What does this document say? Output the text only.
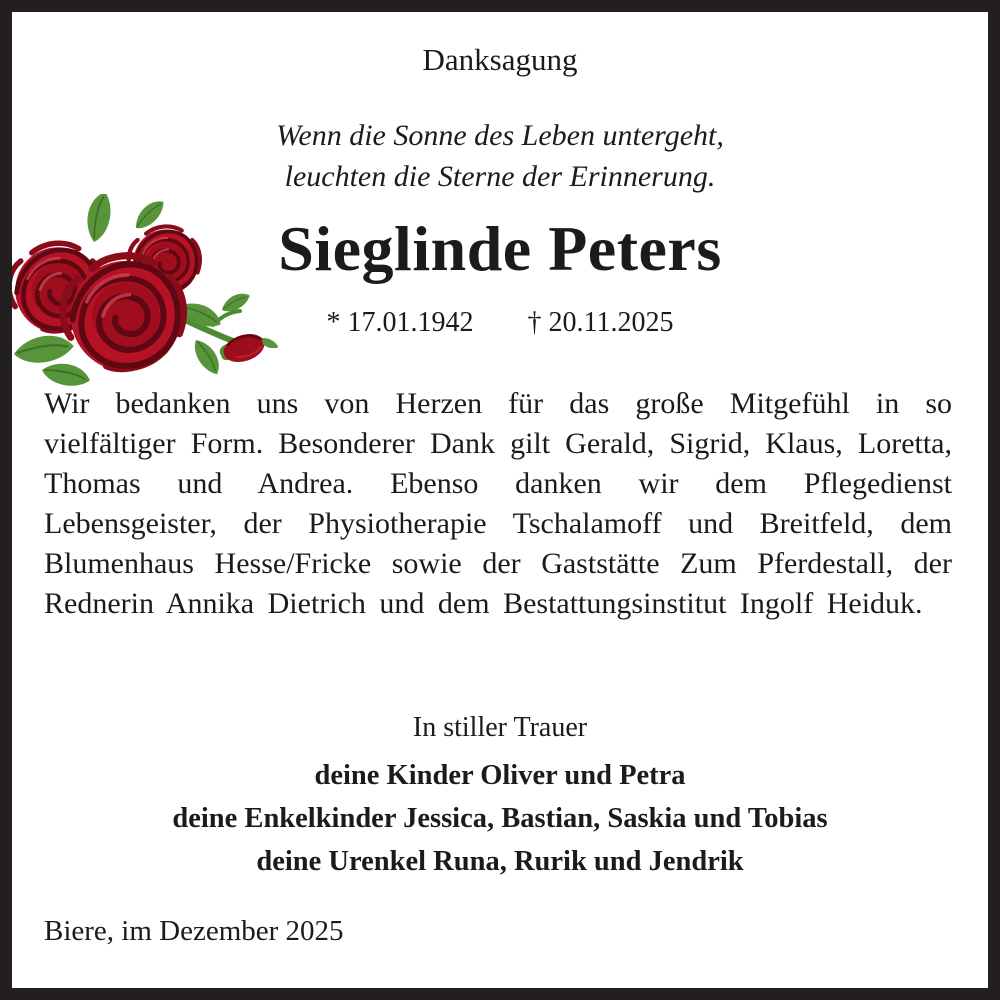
Danksagung
Wenn die Sonne des Leben untergeht,
leuchten die Sterne der Erinnerung.
Sieglinde Peters
* 17.01.1942 † 20.11.2025
Wir bedanken uns von Herzen für das große Mitgefühl in so vielfältiger Form. Besonderer Dank gilt Gerald, Sigrid, Klaus, Loretta, Thomas und Andrea. Ebenso danken wir dem Pflegedienst Lebensgeister, der Physiotherapie Tschalamoff und Breitfeld, dem Blumenhaus Hesse/Fricke sowie der Gaststätte Zum Pferdestall, der Rednerin Annika Dietrich und dem Bestattungsinstitut Ingolf Heiduk.
In stiller Trauer
deine Kinder Oliver und Petra
deine Enkelkinder Jessica, Bastian, Saskia und Tobias
deine Urenkel Runa, Rurik und Jendrik
Biere, im Dezember 2025
